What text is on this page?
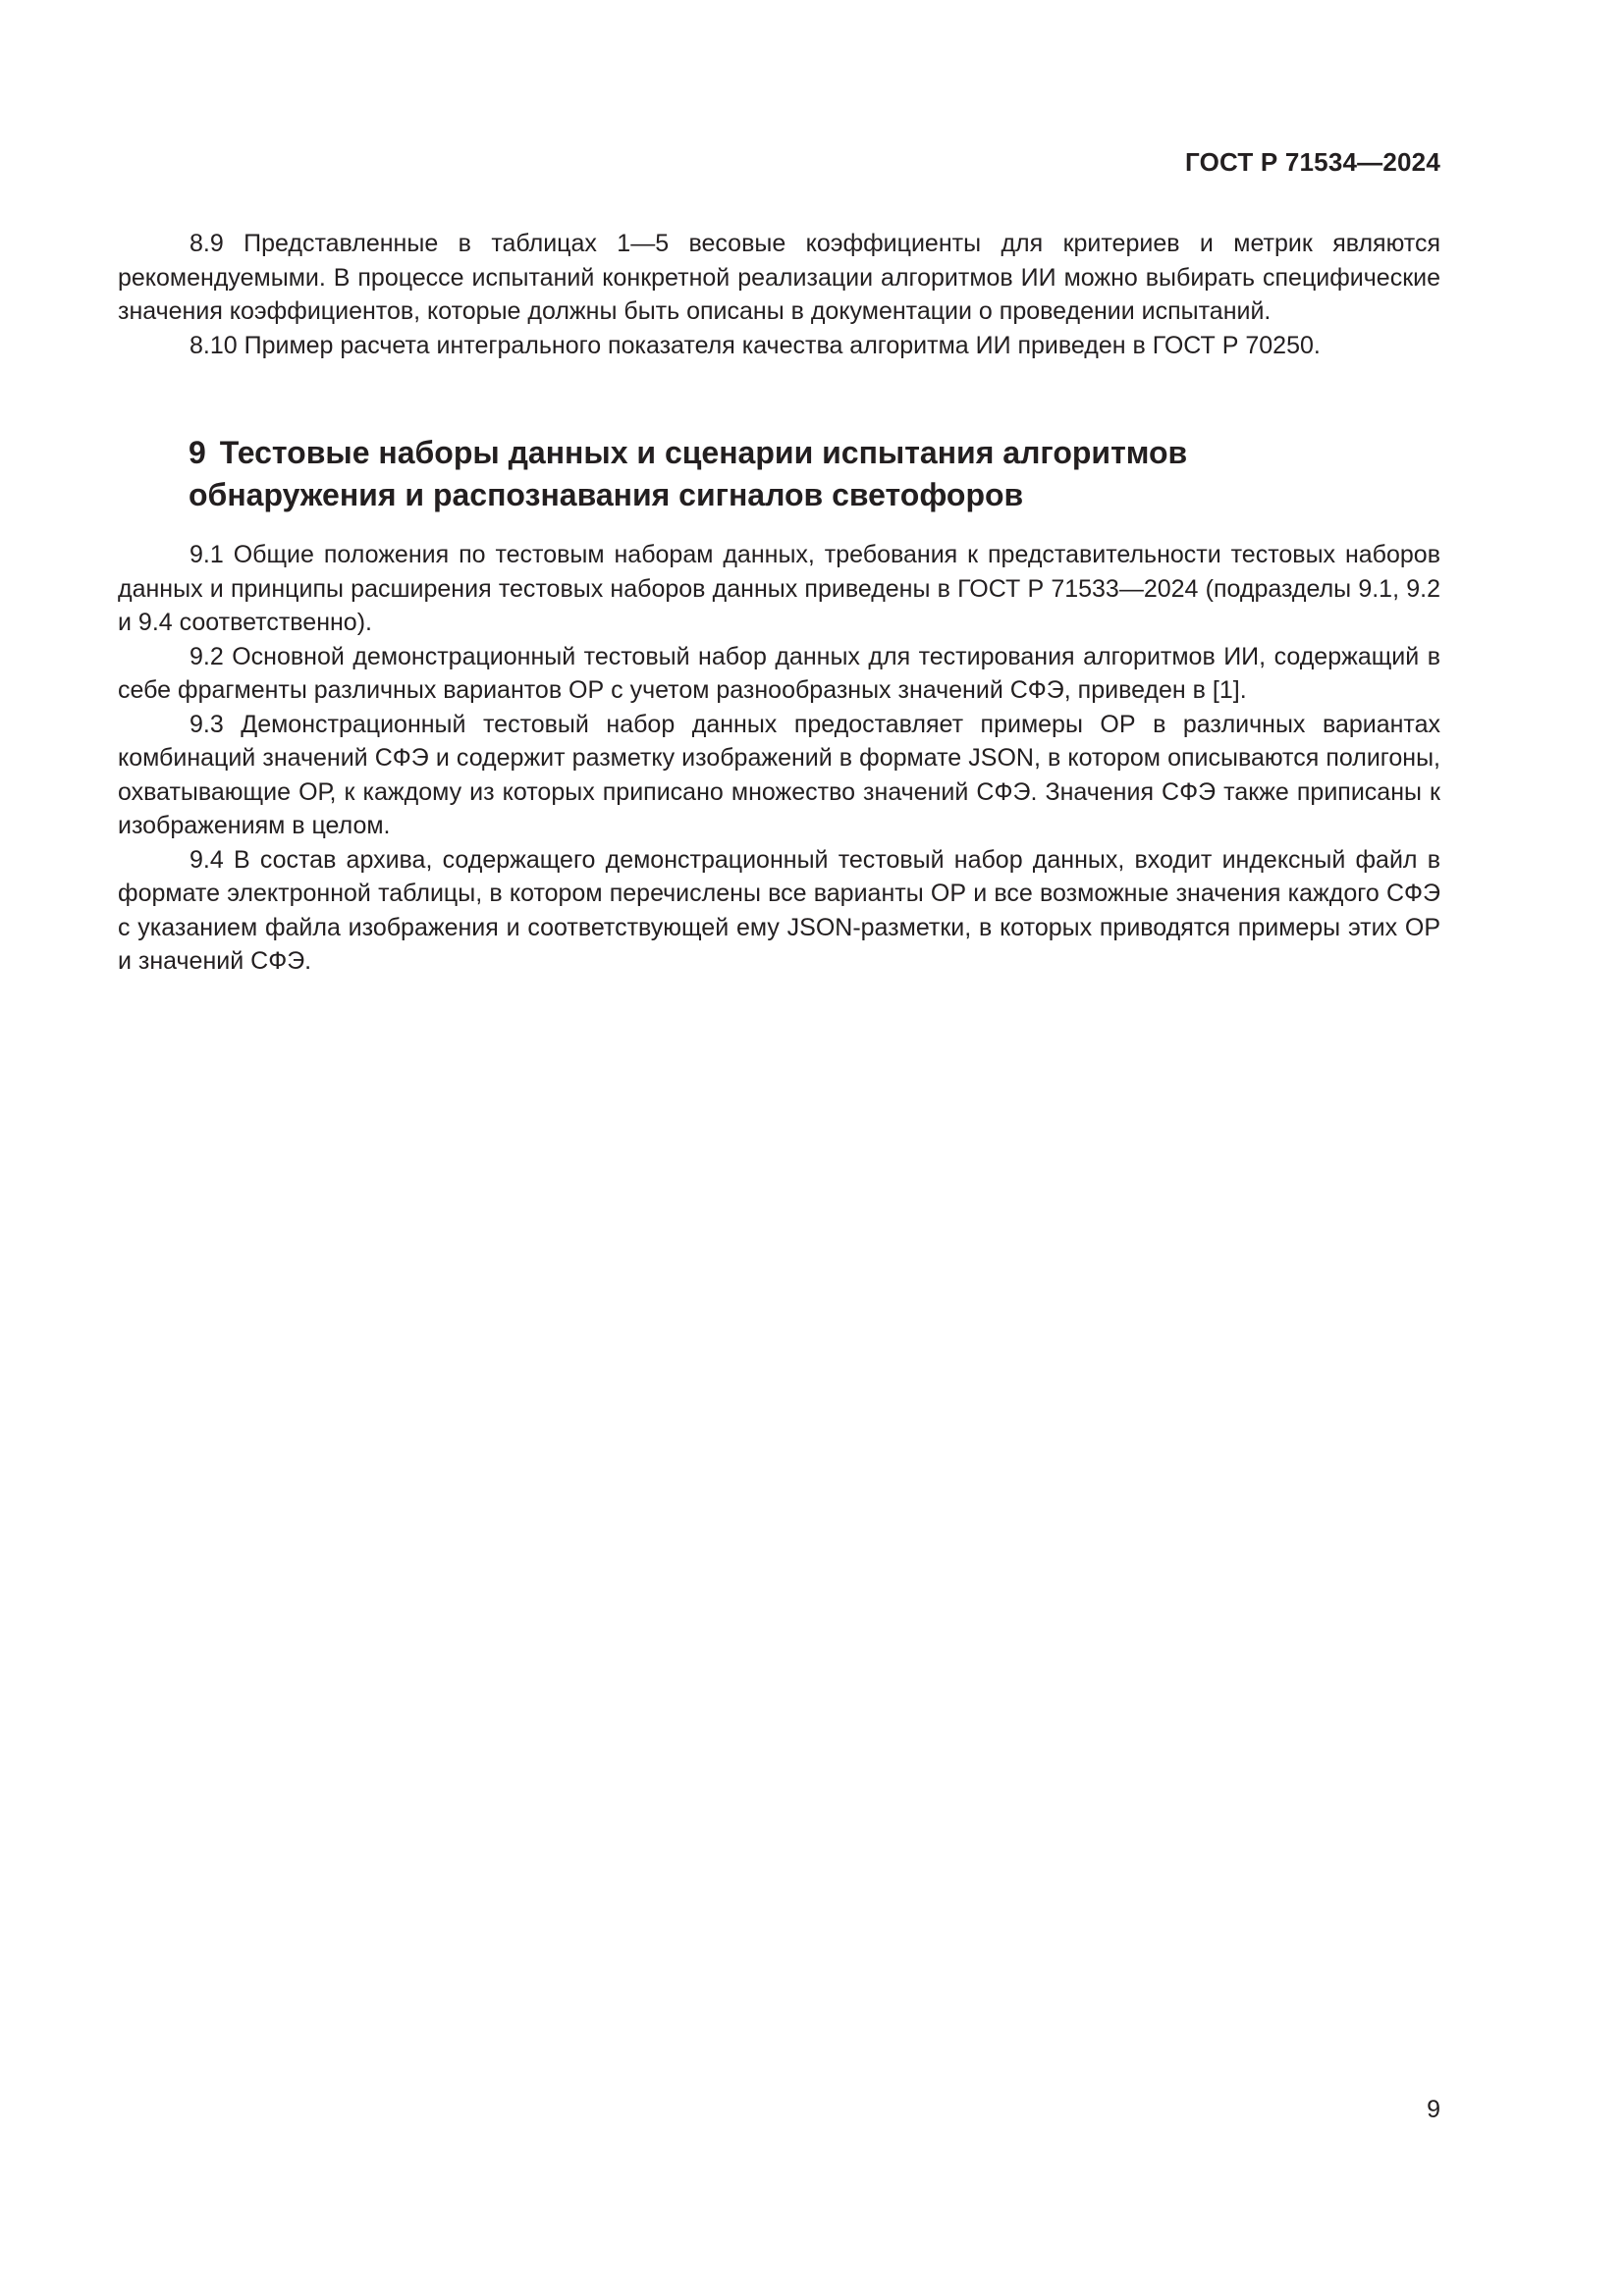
ГОСТ Р 71534—2024

8.9 Представленные в таблицах 1—5 весовые коэффициенты для критериев и метрик являются рекомендуемыми. В процессе испытаний конкретной реализации алгоритмов ИИ можно выбирать специфические значения коэффициентов, которые должны быть описаны в документации о проведении испытаний.

8.10 Пример расчета интегрального показателя качества алгоритма ИИ приведен в ГОСТ Р 70250.

9 Тестовые наборы данных и сценарии испытания алгоритмов обнаружения и распознавания сигналов светофоров

9.1 Общие положения по тестовым наборам данных, требования к представительности тестовых наборов данных и принципы расширения тестовых наборов данных приведены в ГОСТ Р 71533—2024 (подразделы 9.1, 9.2 и 9.4 соответственно).

9.2 Основной демонстрационный тестовый набор данных для тестирования алгоритмов ИИ, содержащий в себе фрагменты различных вариантов ОР с учетом разнообразных значений СФЭ, приведен в [1].

9.3 Демонстрационный тестовый набор данных предоставляет примеры ОР в различных вариантах комбинаций значений СФЭ и содержит разметку изображений в формате JSON, в котором описываются полигоны, охватывающие ОР, к каждому из которых приписано множество значений СФЭ. Значения СФЭ также приписаны к изображениям в целом.

9.4 В состав архива, содержащего демонстрационный тестовый набор данных, входит индексный файл в формате электронной таблицы, в котором перечислены все варианты ОР и все возможные значения каждого СФЭ с указанием файла изображения и соответствующей ему JSON-разметки, в которых приводятся примеры этих ОР и значений СФЭ.

9
